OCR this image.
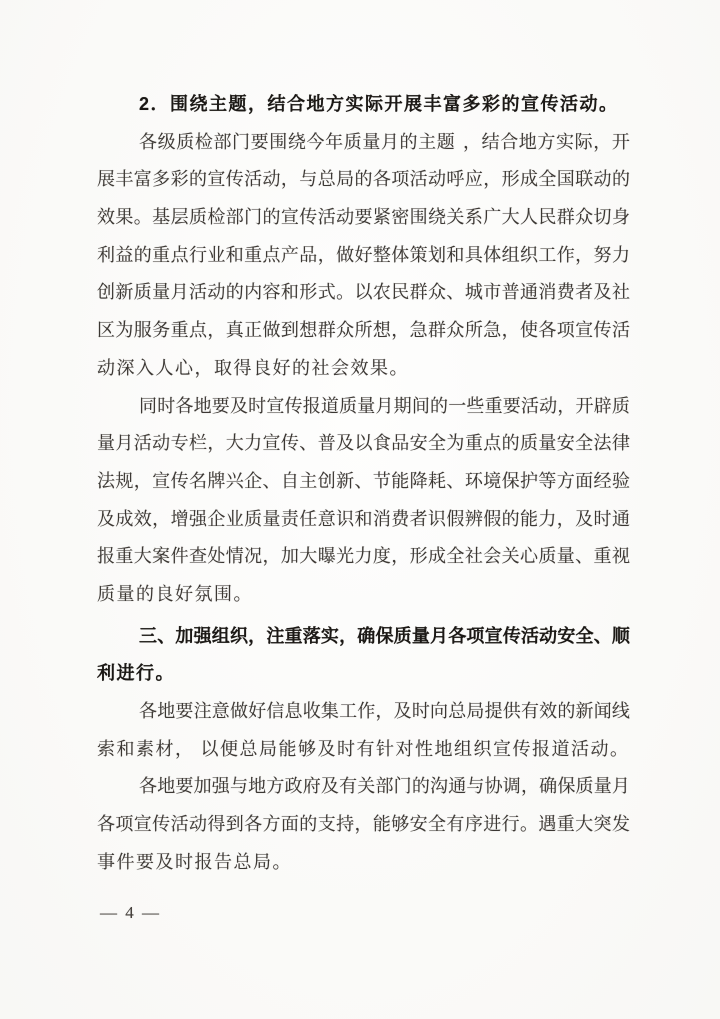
2．围绕主题，结合地方实际开展丰富多彩的宣传活动。
各 级 质 检 部 门 要 围 绕 今 年 质 量 月 的 主 题 ， 结 合 地 方 实 际 ， 开
展 丰 富 多 彩 的 宣 传 活 动 ， 与 总 局 的 各 项 活 动 呼 应 ， 形 成 全 国 联 动 的
效 果 。 基 层 质 检 部 门 的 宣 传 活 动 要 紧 密 围 绕 关 系 广 大 人 民 群 众 切 身
利 益 的 重 点 行 业 和 重 点 产 品 ， 做 好 整 体 策 划 和 具 体 组 织 工 作 ， 努 力
创 新 质 量 月 活 动 的 内 容 和 形 式 。 以 农 民 群 众 、 城 市 普 通 消 费 者 及 社
区 为 服 务 重 点 ， 真 正 做 到 想 群 众 所 想 ， 急 群 众 所 急 ， 使 各 项 宣 传 活
动深入人心，取得良好的社会效果。
同 时 各 地 要 及 时 宣 传 报 道 质 量 月 期 间 的 一 些 重 要 活 动 ， 开 辟 质
量 月 活 动 专 栏 ， 大 力 宣 传 、 普 及 以 食 品 安 全 为 重 点 的 质 量 安 全 法 律
法 规 ， 宣 传 名 牌 兴 企 、 自 主 创 新 、 节 能 降 耗 、 环 境 保 护 等 方 面 经 验
及 成 效 ， 增 强 企 业 质 量 责 任 意 识 和 消 费 者 识 假 辨 假 的 能 力 ， 及 时 通
报 重 大 案 件 查 处 情 况 ， 加 大 曝 光 力 度 ， 形 成 全 社 会 关 心 质 量 、 重 视
质量的良好氛围。
三 、 加 强 组 织 ， 注 重 落 实 ， 确 保 质 量 月 各 项 宣 传 活 动 安 全 、 顺
利进行。
各 地 要 注 意 做 好 信 息 收 集 工 作 ， 及 时 向 总 局 提 供 有 效 的 新 闻 线
索和素材， 以便总局能够及时有针对性地组织宣传报道活动。
各 地 要 加 强 与 地 方 政 府 及 有 关 部 门 的 沟 通 与 协 调 ， 确 保 质 量 月
各 项 宣 传 活 动 得 到 各 方 面 的 支 持 ， 能 够 安 全 有 序 进 行 。 遇 重 大 突 发
事件要及时报告总局。
— 4 —
